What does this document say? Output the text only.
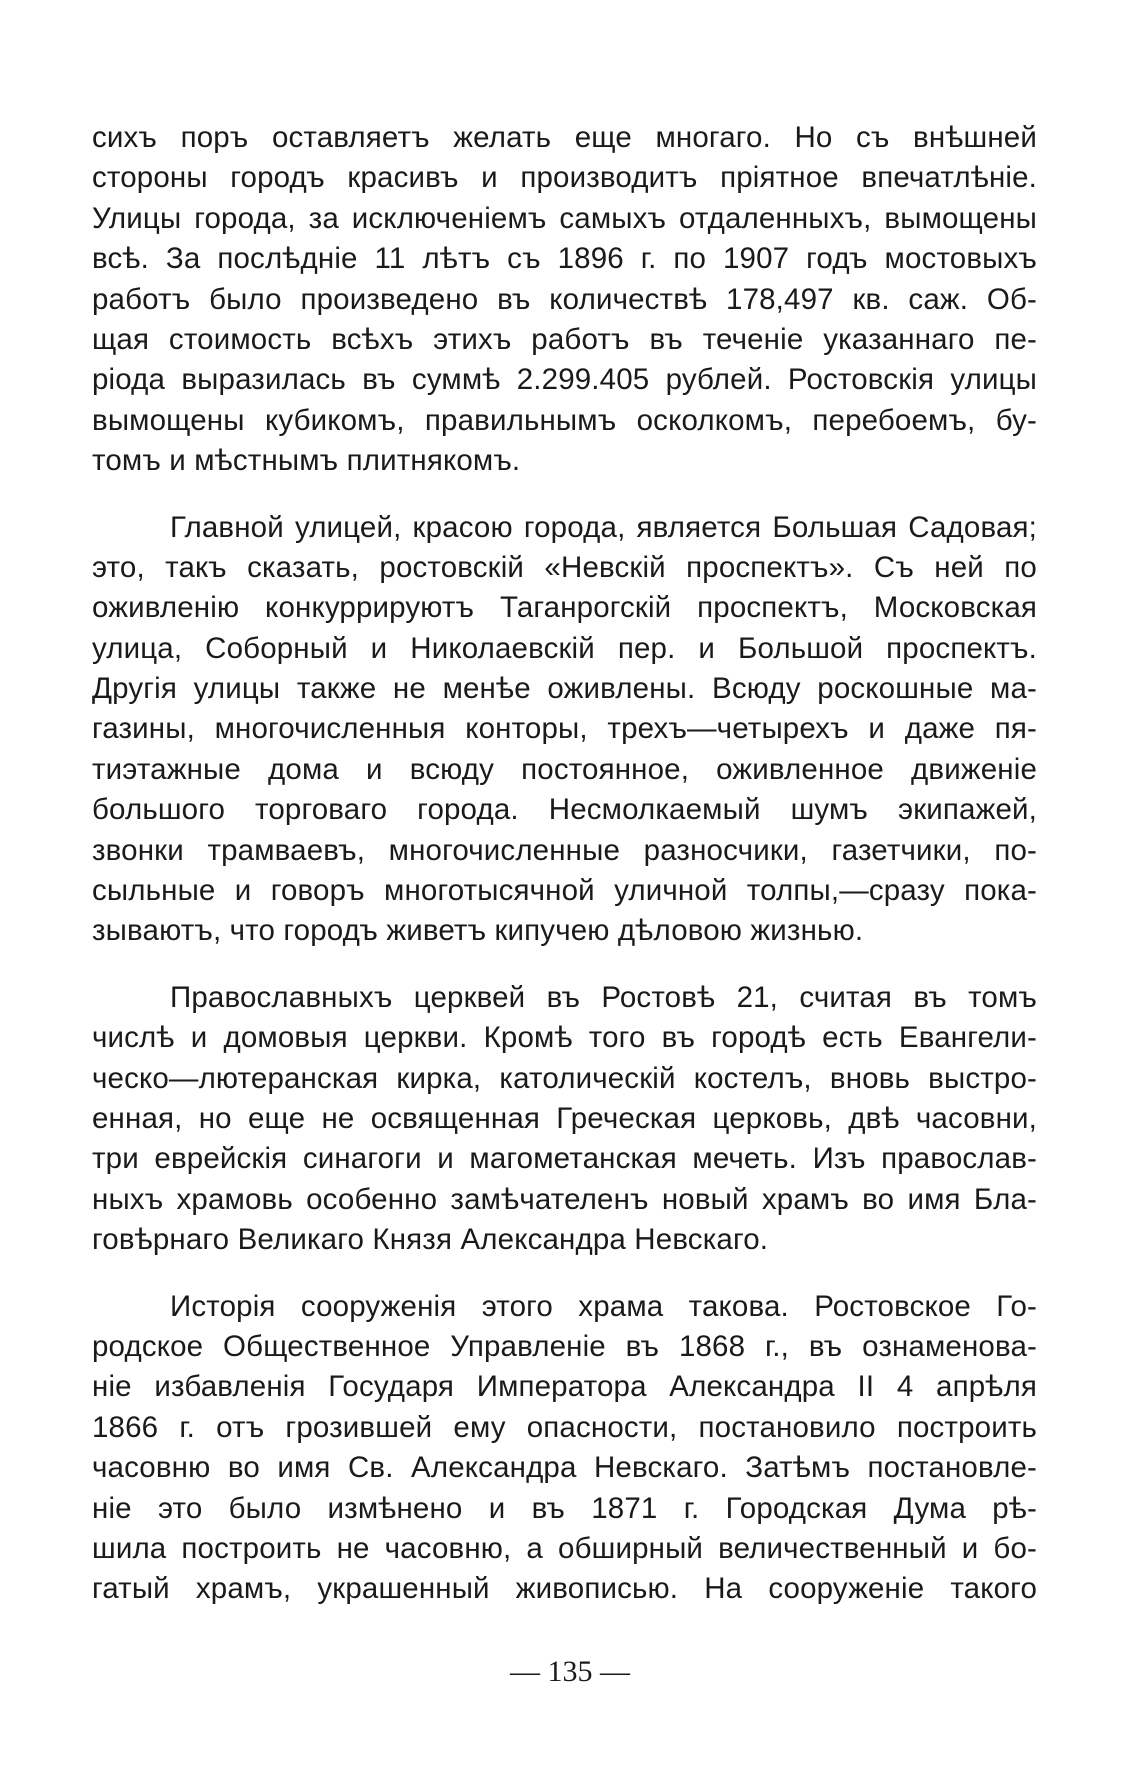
сихъ поръ оставляетъ желать еще многаго. Но съ внѣшней
стороны городъ красивъ и производитъ пріятное впечатлѣніе.
Улицы города, за исключеніемъ самыхъ отдаленныхъ, вымощены
всѣ. За послѣдніе 11 лѣтъ съ 1896 г. по 1907 годъ мостовыхъ
работъ было произведено въ количествѣ 178,497 кв. саж. Об-
щая стоимость всѣхъ этихъ работъ въ теченіе указаннаго пе-
ріода выразилась въ суммѣ 2.299.405 рублей. Ростовскія улицы
вымощены кубикомъ, правильнымъ осколкомъ, перебоемъ, бу-
томъ и мѣстнымъ плитнякомъ.
Главной улицей, красою города, является Большая Садовая;
это, такъ сказать, ростовскій «Невскій проспектъ». Съ ней по
оживленію конкуррируютъ Таганрогскій проспектъ, Московская
улица, Соборный и Николаевскій пер. и Большой проспектъ.
Другія улицы также не менѣе оживлены. Всюду роскошные ма-
газины, многочисленныя конторы, трехъ—четырехъ и даже пя-
тиэтажные дома и всюду постоянное, оживленное движеніе
большого торговаго города. Несмолкаемый шумъ экипажей,
звонки трамваевъ, многочисленные разносчики, газетчики, по-
сыльные и говоръ многотысячной уличной толпы,—сразу пока-
зываютъ, что городъ живетъ кипучею дѣловою жизнью.
Православныхъ церквей въ Ростовѣ 21, считая въ томъ
числѣ и домовыя церкви. Кромѣ того въ городѣ есть Евангели-
ческо—лютеранская кирка, католическій костелъ, вновь выстро-
енная, но еще не освященная Греческая церковь, двѣ часовни,
три еврейскія синагоги и магометанская мечеть. Изъ православ-
ныхъ храмовь особенно замѣчателенъ новый храмъ во имя Бла-
говѣрнаго Великаго Князя Александра Невскаго.
Исторія сооруженія этого храма такова. Ростовское Го-
родское Общественное Управленіе въ 1868 г., въ ознаменова-
ніе избавленія Государя Императора Александра II 4 апрѣля
1866 г. отъ грозившей ему опасности, постановило построить
часовню во имя Св. Александра Невскаго. Затѣмъ постановле-
ніе это было измѣнено и въ 1871 г. Городская Дума рѣ-
шила построить не часовню, а обширный величественный и бо-
гатый храмъ, украшенный живописью. На сооруженіе такого
— 135 —
